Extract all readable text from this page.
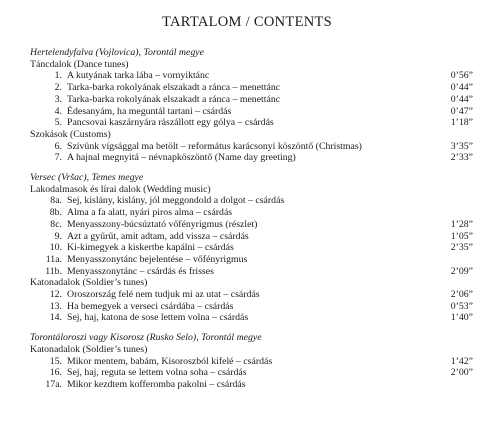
TARTALOM / CONTENTS
Hertelendyfalva (Vojlovica), Torontál megye
Táncdalok (Dance tunes)
1. A kutyának tarka lába – vornyiktánc	0’56”
2. Tarka-barka rokolyának elszakadt a ránca – menettánc	0’44”
3. Tarka-barka rokolyának elszakadt a ránca – menettánc	0’44”
4. Édesanyám, ha meguntál tartani – csárdás	0’47”
5. Pancsovai kaszárnyára rászállott egy gólya – csárdás	1’18”
Szokások (Customs)
6. Szívünk vígsággal ma betölt – református karácsonyi köszöntő (Christmas)	3’35”
7. A hajnal megnyitá – névnapköszöntő (Name day greeting)	2’33”
Versec (Vršac), Temes megye
Lakodalmasok és lírai dalok (Wedding music)
8a. Sej, kislány, kislány, jól meggondold a dolgot – csárdás
8b. Alma a fa alatt, nyári piros alma – csárdás
8c. Menyasszony-búcsúztató vőfényrigmus (részlet)	1’28”
9. Azt a gyűrűt, amit adtam, add vissza – csárdás	1’05”
10. Ki-kimegyek a kiskertbe kapálni – csárdás	2’35”
11a. Menyasszonytánc bejelentése – vőfényrigmus
11b. Menyasszonytánc – csárdás és frisses	2’09”
Katonadalok (Soldier’s tunes)
12. Oroszország felé nem tudjuk mi az utat – csárdás	2’06”
13. Ha bemegyek a verseci csárdába – csárdás	0’53”
14. Sej, haj, katona de sose lettem volna – csárdás	1’40”
Torontáloroszi vagy Kisorosz (Rusko Selo), Torontál megye
Katonadalok (Soldier’s tunes)
15. Mikor mentem, babám, Kisoroszból kifelé – csárdás	1’42”
16. Sej, haj, reguta se lettem volna soha – csárdás	2’00”
17a. Mikor kezdtem kofferomba pakolni – csárdás
